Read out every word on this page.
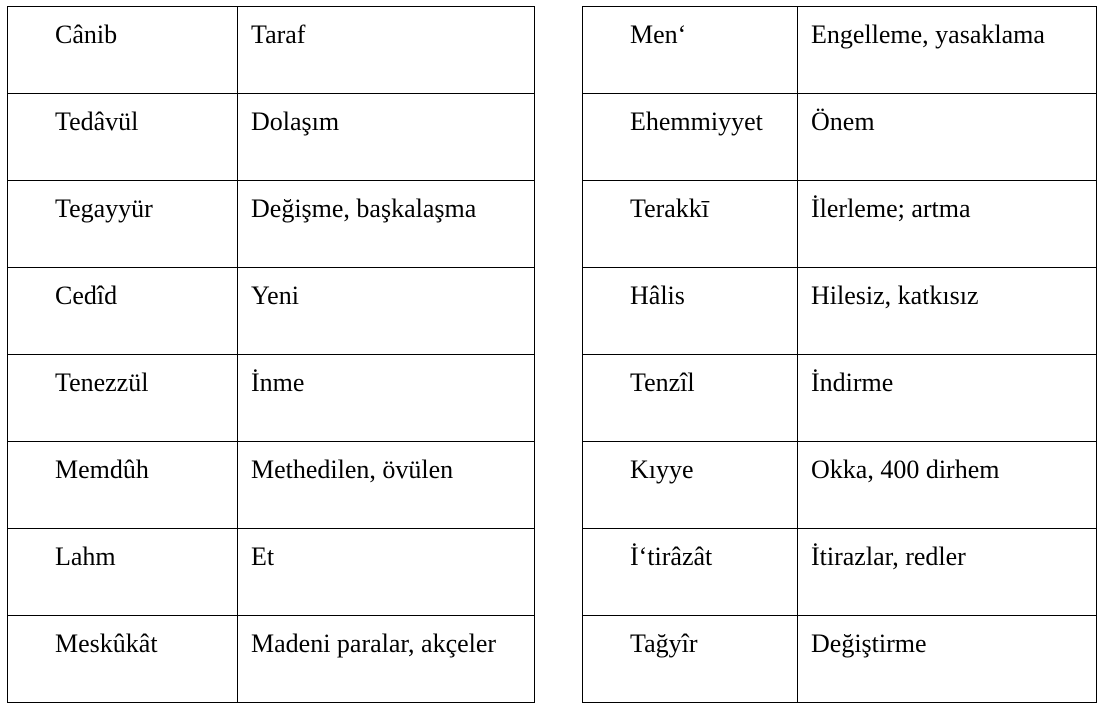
Cânib	Taraf
Tedâvül	Dolaşım
Tegayyür	Değişme, başkalaşma
Cedîd	Yeni
Tenezzül	İnme
Memdûh	Methedilen, övülen
Lahm	Et
Meskûkât	Madeni paralar, akçeler
Men‘	Engelleme, yasaklama
Ehemmiyyet	Önem
Terakkī	İlerleme; artma
Hâlis	Hilesiz, katkısız
Tenzîl	İndirme
Kıyye	Okka, 400 dirhem
İ‘tirâzât	İtirazlar, redler
Tağyîr	Değiştirme
